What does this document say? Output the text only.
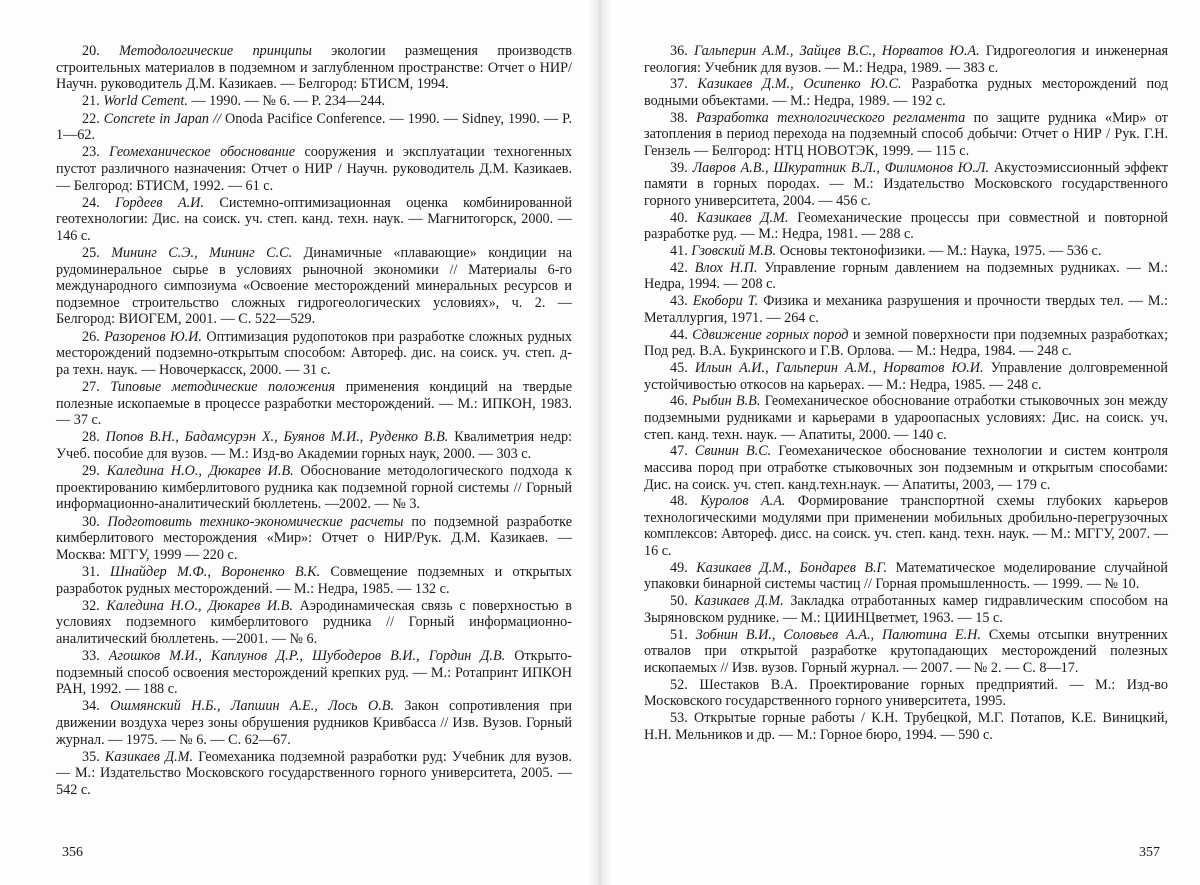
20. Методологические принципы экологии размещения производств строительных материалов в подземном и заглубленном пространстве: Отчет о НИР/Научн. руководитель Д.М. Казикаев. — Белгород: БТИСМ, 1994.
21. World Cement. — 1990. — № 6. — P. 234—244.
22. Concrete in Japan // Onoda Pacifice Conference. — 1990. — Sidney, 1990. — P. 1—62.
23. Геомеханическое обоснование сооружения и эксплуатации техногенных пустот различного назначения: Отчет о НИР / Научн. руководитель Д.М. Казикаев. — Белгород: БТИСМ, 1992. — 61 с.
24. Гордеев А.И. Системно-оптимизационная оценка комбинированной геотехнологии: Дис. на соиск. уч. степ. канд. техн. наук. — Магнитогорск, 2000. — 146 с.
25. Мининг С.Э., Мининг С.С. Динамичные «плавающие» кондиции на рудоминеральное сырье в условиях рыночной экономики // Материалы 6-го международного симпозиума «Освоение месторождений минеральных ресурсов и подземное строительство сложных гидрогеологических условиях», ч. 2. — Белгород: ВИОГЕМ, 2001. — С. 522—529.
26. Разоренов Ю.И. Оптимизация рудопотоков при разработке сложных рудных месторождений подземно-открытым способом: Автореф. дис. на соиск. уч. степ. д-ра техн. наук. — Новочеркасск, 2000. — 31 с.
27. Типовые методические положения применения кондиций на твердые полезные ископаемые в процессе разработки месторождений. — М.: ИПКОН, 1983. — 37 с.
28. Попов В.Н., Бадамсурэн Х., Буянов М.И., Руденко В.В. Квалиметрия недр: Учеб. пособие для вузов. — М.: Изд-во Академии горных наук, 2000. — 303 с.
29. Каледина Н.О., Дюкарев И.В. Обоснование методологического подхода к проектированию кимберлитового рудника как подземной горной системы // Горный информационно-аналитический бюллетень. —2002. — № 3.
30. Подготовить технико-экономические расчеты по подземной разработке кимберлитового месторождения «Мир»: Отчет о НИР/Рук. Д.М. Казикаев. — Москва: МГГУ, 1999 — 220 с.
31. Шнайдер М.Ф., Вороненко В.К. Совмещение подземных и открытых разработок рудных месторождений. — М.: Недра, 1985. — 132 с.
32. Каледина Н.О., Дюкарев И.В. Аэродинамическая связь с поверхностью в условиях подземного кимберлитового рудника // Горный информационно-аналитический бюллетень. —2001. — № 6.
33. Агошков М.И., Каплунов Д.Р., Шубодеров В.И., Гордин Д.В. Открыто-подземный способ освоения месторождений крепких руд. — М.: Ротапринт ИПКОН РАН, 1992. — 188 с.
34. Ошмянский Н.Б., Лапшин А.Е., Лось О.В. Закон сопротивления при движении воздуха через зоны обрушения рудников Кривбасса // Изв. Вузов. Горный журнал. — 1975. — № 6. — С. 62—67.
35. Казикаев Д.М. Геомеханика подземной разработки руд: Учебник для вузов. — М.: Издательство Московского государственного горного университета, 2005. — 542 с.
356
36. Гальперин А.М., Зайцев В.С., Норватов Ю.А. Гидрогеология и инженерная геология: Учебник для вузов. — М.: Недра, 1989. — 383 с.
37. Казикаев Д.М., Осипенко Ю.С. Разработка рудных месторождений под водными объектами. — М.: Недра, 1989. — 192 с.
38. Разработка технологического регламента по защите рудника «Мир» от затопления в период перехода на подземный способ добычи: Отчет о НИР / Рук. Г.Н. Гензель — Белгород: НТЦ НОВОТЭК, 1999. — 115 с.
39. Лавров А.В., Шкуратник В.Л., Филимонов Ю.Л. Акустоэмиссионный эффект памяти в горных породах. — М.: Издательство Московского государственного горного университета, 2004. — 456 с.
40. Казикаев Д.М. Геомеханические процессы при совместной и повторной разработке руд. — М.: Недра, 1981. — 288 с.
41. Гзовский М.В. Основы тектонофизики. — М.: Наука, 1975. — 536 с.
42. Влох Н.П. Управление горным давлением на подземных рудниках. — М.: Недра, 1994. — 208 с.
43. Екобори Т. Физика и механика разрушения и прочности твердых тел. — М.: Металлургия, 1971. — 264 с.
44. Сдвижение горных пород и земной поверхности при подземных разработках; Под ред. В.А. Букринского и Г.В. Орлова. — М.: Недра, 1984. — 248 с.
45. Ильин А.И., Гальперин А.М., Норватов Ю.И. Управление долговременной устойчивостью откосов на карьерах. — М.: Недра, 1985. — 248 с.
46. Рыбин В.В. Геомеханическое обоснование отработки стыковочных зон между подземными рудниками и карьерами в удароопасных условиях: Дис. на соиск. уч. степ. канд. техн. наук. — Апатиты, 2000. — 140 с.
47. Свинин В.С. Геомеханическое обоснование технологии и систем контроля массива пород при отработке стыковочных зон подземным и открытым способами: Дис. на соиск. уч. степ. канд.техн.наук. — Апатиты, 2003, — 179 с.
48. Куролов А.А. Формирование транспортной схемы глубоких карьеров технологическими модулями при применении мобильных дробильно-перегрузочных комплексов: Автореф. дисс. на соиск. уч. степ. канд. техн. наук. — М.: МГГУ, 2007. — 16 с.
49. Казикаев Д.М., Бондарев В.Г. Математическое моделирование случайной упаковки бинарной системы частиц // Горная промышленность. — 1999. — № 10.
50. Казикаев Д.М. Закладка отработанных камер гидравлическим способом на Зыряновском руднике. — М.: ЦИИНЦветмет, 1963. — 15 с.
51. Зобнин В.И., Соловьев А.А., Палютина Е.Н. Схемы отсыпки внутренних отвалов при открытой разработке крутопадающих месторождений полезных ископаемых // Изв. вузов. Горный журнал. — 2007. — № 2. — С. 8—17.
52. Шестаков В.А. Проектирование горных предприятий. — М.: Изд-во Московского государственного горного университета, 1995.
53. Открытые горные работы / К.Н. Трубецкой, М.Г. Потапов, К.Е. Виницкий, Н.Н. Мельников и др. — М.: Горное бюро, 1994. — 590 с.
357
